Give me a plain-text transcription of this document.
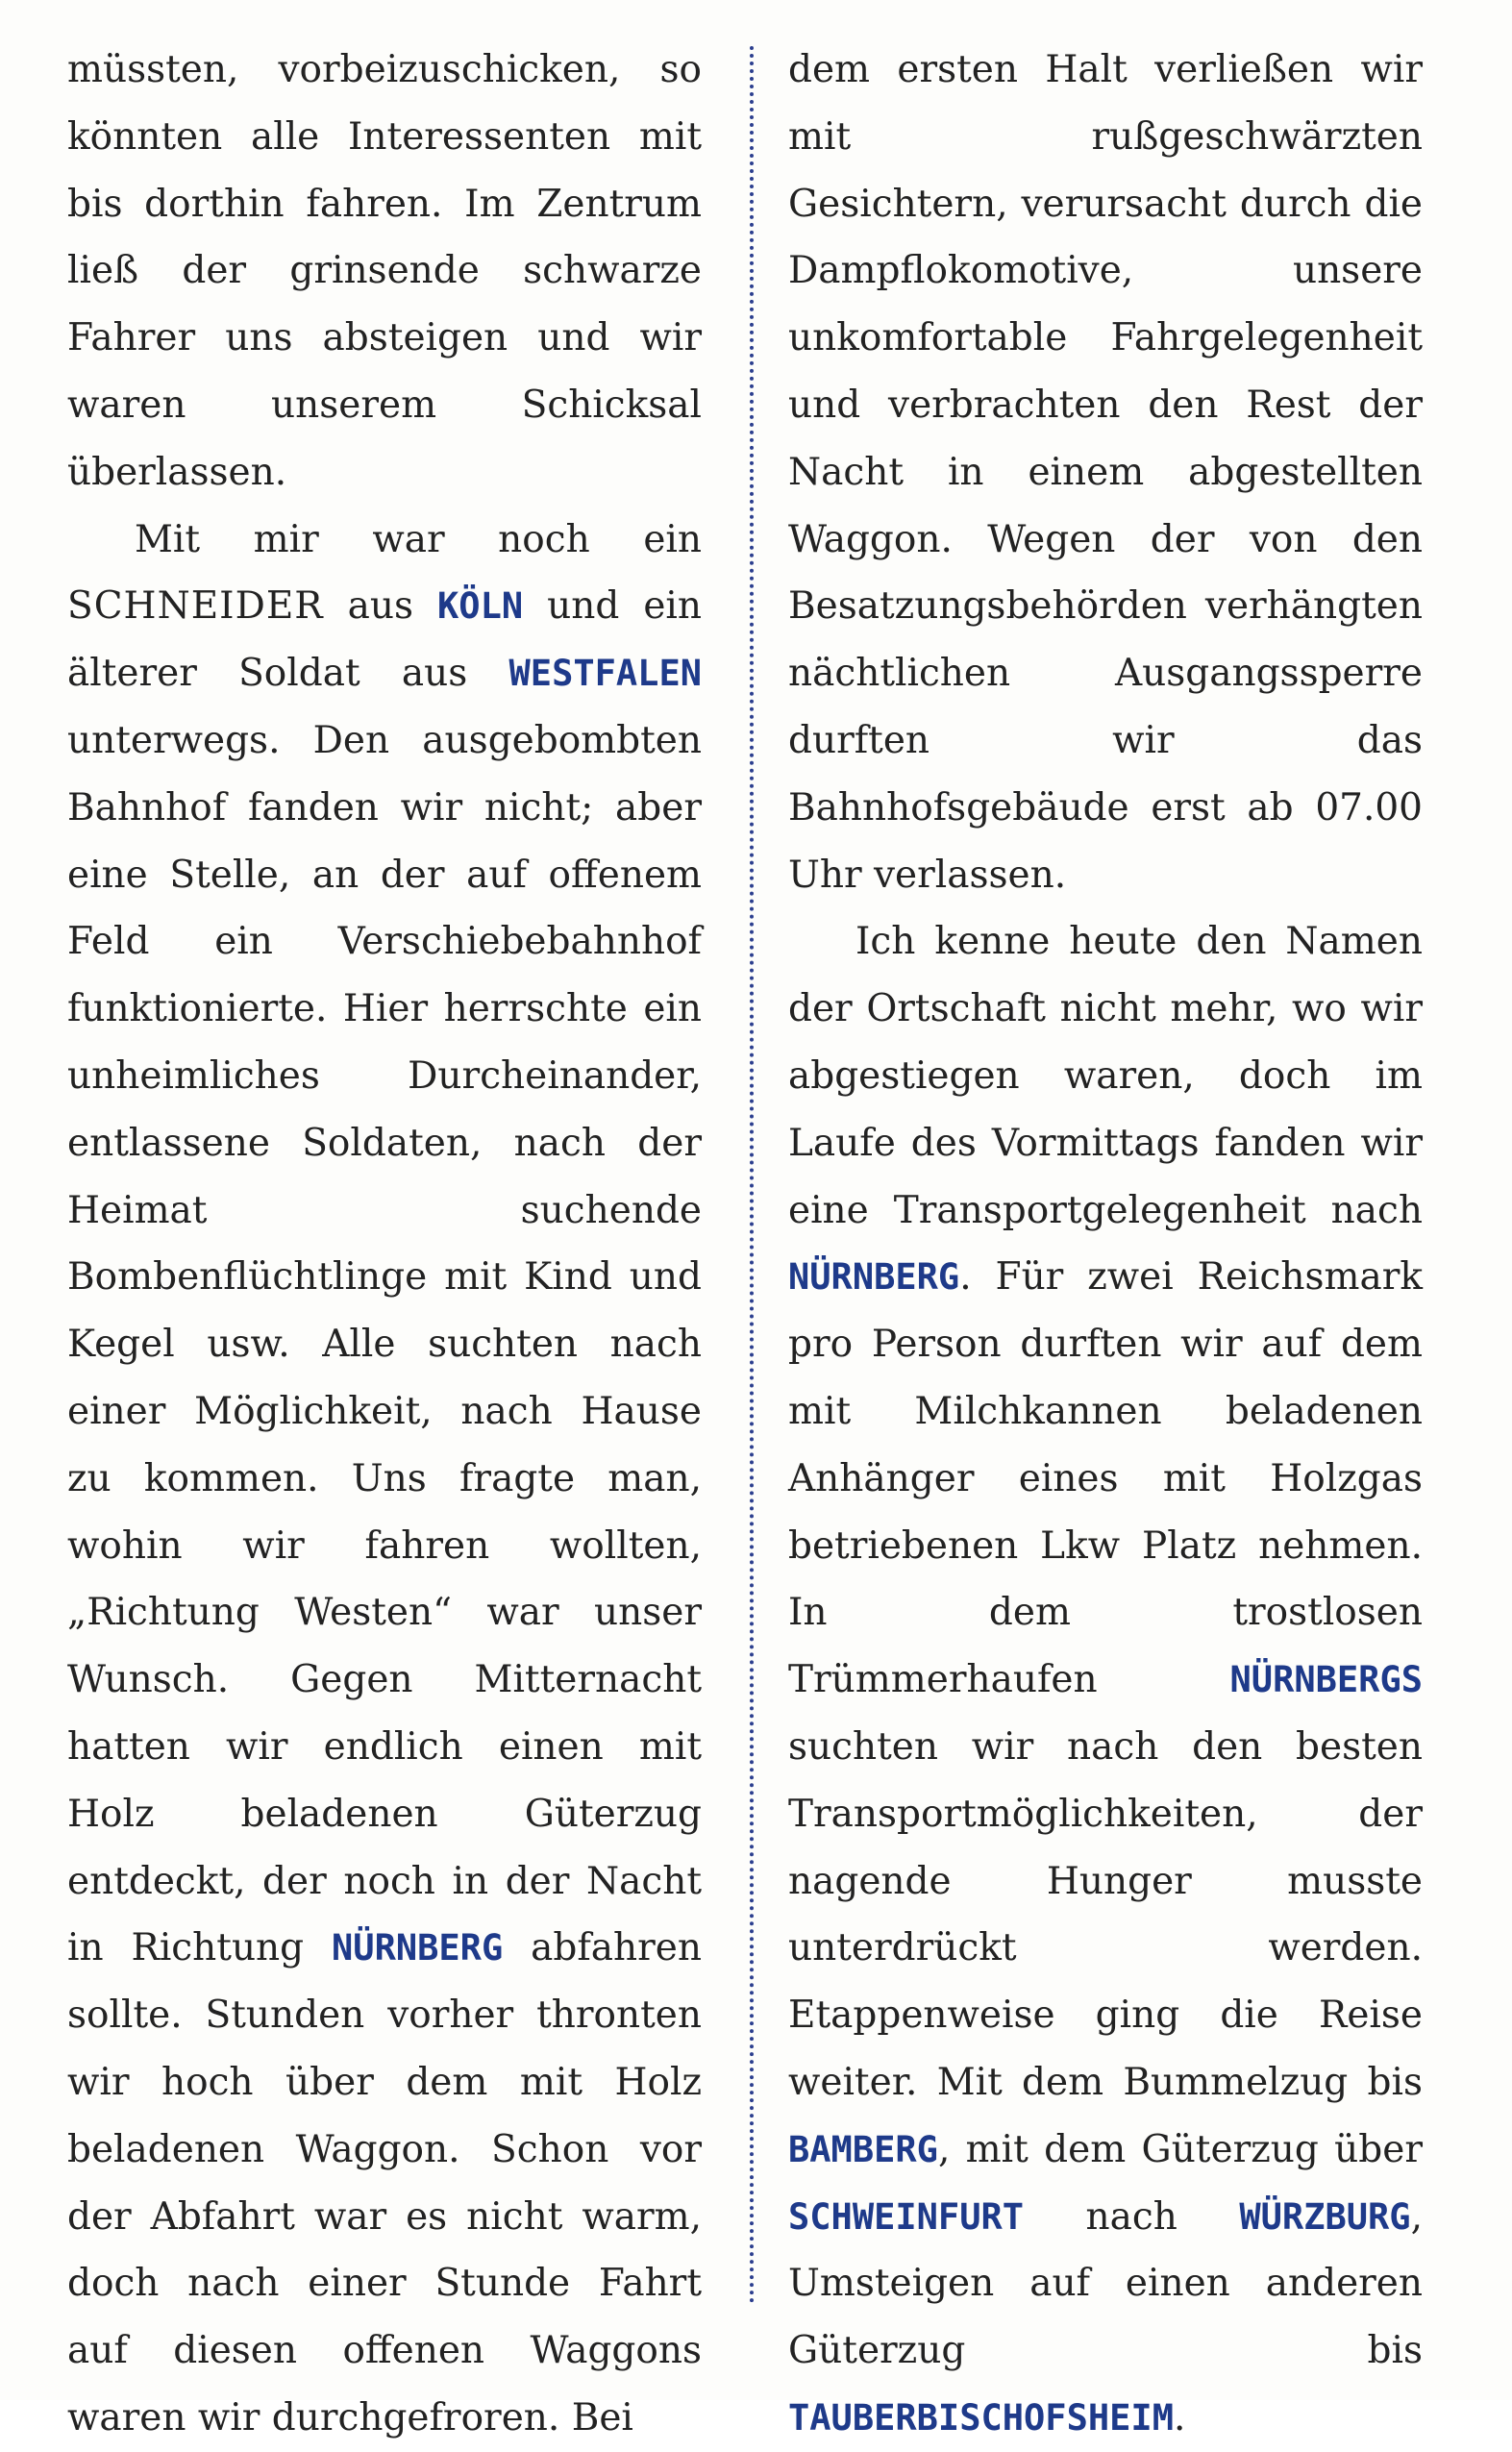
müssten, vorbeizuschicken, so könnten alle Interessenten mit bis dorthin fahren. Im Zentrum ließ der grinsende schwarze Fahrer uns absteigen und wir waren unserem Schicksal überlassen.

Mit mir war noch ein SCHNEIDER aus KÖLN und ein älterer Soldat aus WESTFALEN unterwegs. Den ausgebombten Bahnhof fanden wir nicht; aber eine Stelle, an der auf offenem Feld ein Verschiebebahnhof funktionierte. Hier herrschte ein unheimliches Durcheinander, entlassene Soldaten, nach der Heimat suchende Bombenflüchtlinge mit Kind und Kegel usw. Alle suchten nach einer Möglichkeit, nach Hause zu kommen. Uns fragte man, wohin wir fahren wollten, „Richtung Westen“ war unser Wunsch. Gegen Mitternacht hatten wir endlich einen mit Holz beladenen Güterzug entdeckt, der noch in der Nacht in Richtung NÜRNBERG abfahren sollte. Stunden vorher thronten wir hoch über dem mit Holz beladenen Waggon. Schon vor der Abfahrt war es nicht warm, doch nach einer Stunde Fahrt auf diesen offenen Waggons waren wir durchgefroren. Bei

dem ersten Halt verließen wir mit rußgeschwärzten Gesichtern, verursacht durch die Dampflokomotive, unsere unkomfortable Fahrgelegenheit und verbrachten den Rest der Nacht in einem abgestellten Waggon. Wegen der von den Besatzungsbehörden verhängten nächtlichen Ausgangssperre durften wir das Bahnhofsgebäude erst ab 07.00 Uhr verlassen.

Ich kenne heute den Namen der Ortschaft nicht mehr, wo wir abgestiegen waren, doch im Laufe des Vormittags fanden wir eine Transportgelegenheit nach NÜRNBERG. Für zwei Reichsmark pro Person durften wir auf dem mit Milchkannen beladenen Anhänger eines mit Holzgas betriebenen Lkw Platz nehmen. In dem trostlosen Trümmerhaufen NÜRNBERGS suchten wir nach den besten Transportmöglichkeiten, der nagende Hunger musste unterdrückt werden. Etappenweise ging die Reise weiter. Mit dem Bummelzug bis BAMBERG, mit dem Güterzug über SCHWEINFURT nach WÜRZBURG, Umsteigen auf einen anderen Güterzug bis TAUBERBISCHOFSHEIM.
